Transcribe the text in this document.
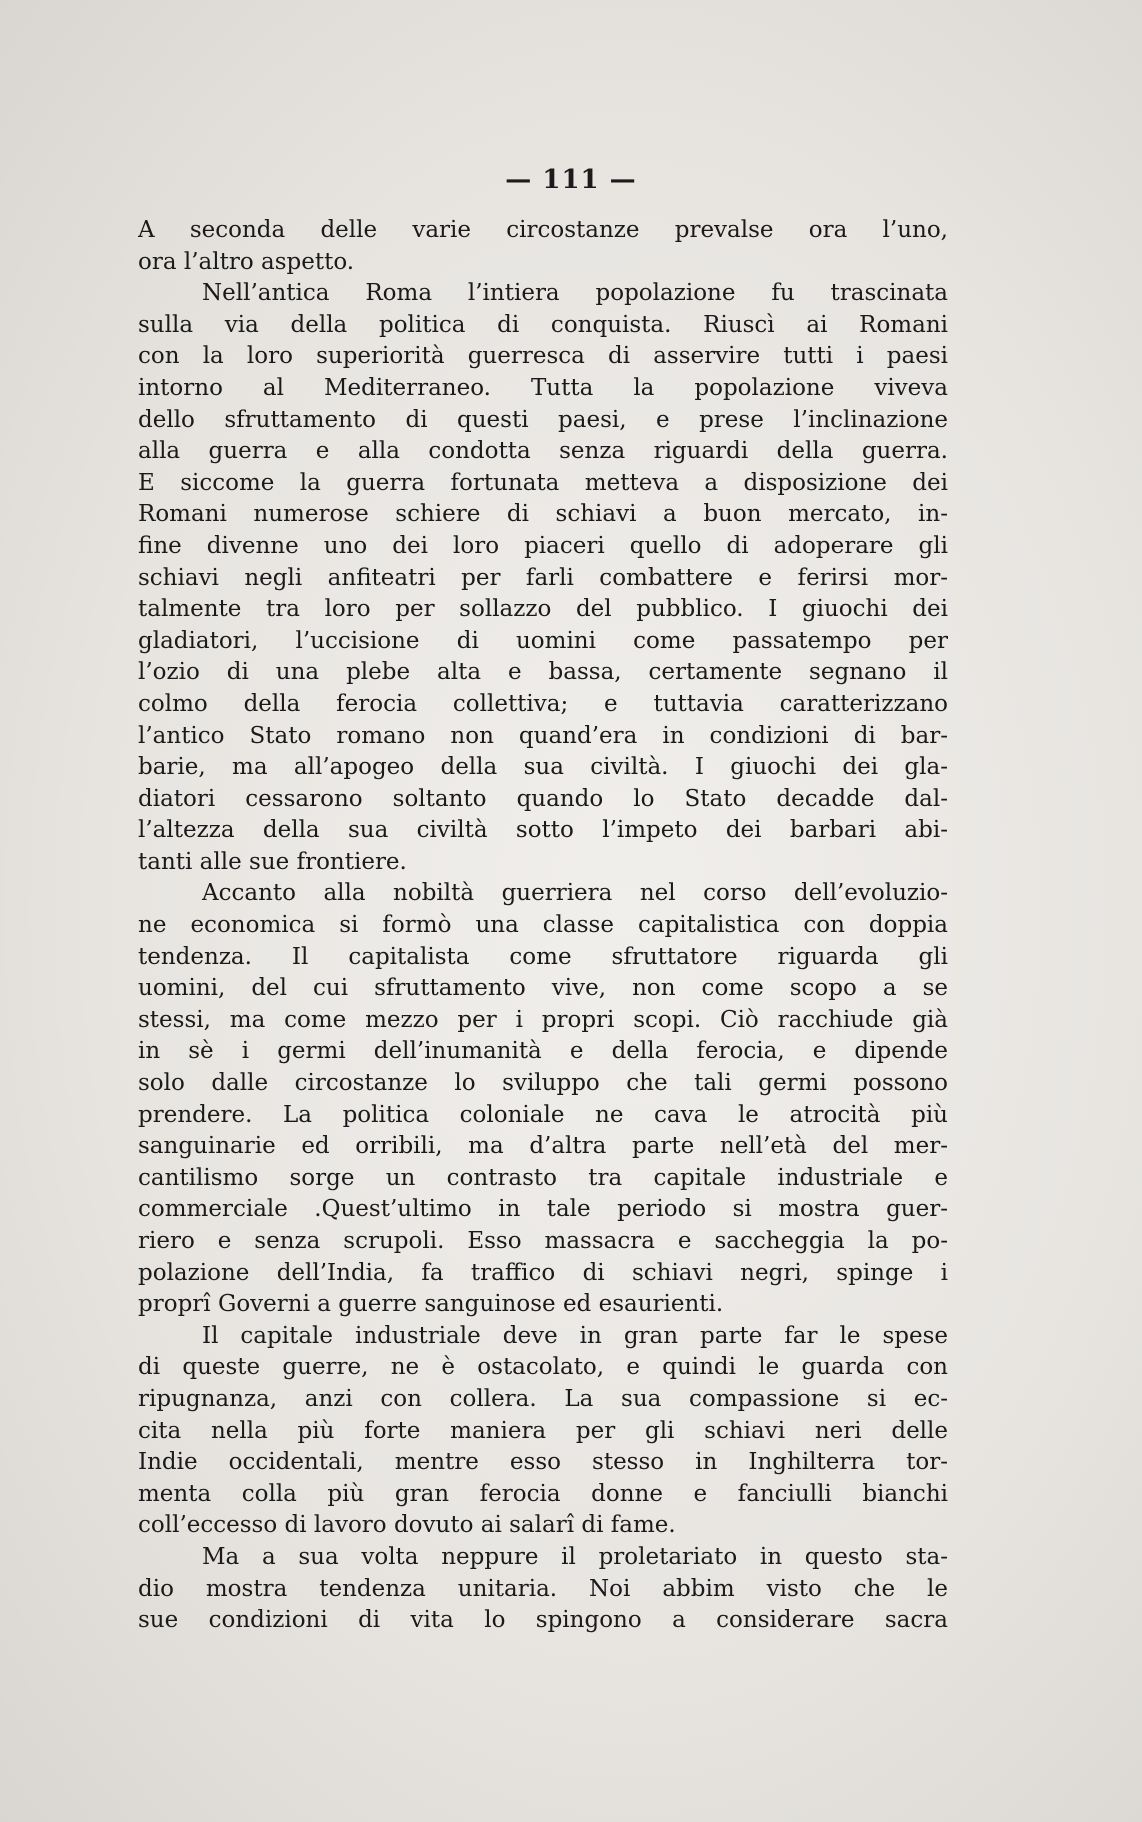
— 111 —
A seconda delle varie circostanze prevalse ora l’uno,
ora l’altro aspetto.
Nell’antica Roma l’intiera popolazione fu trascinata
sulla via della politica di conquista. Riuscì ai Romani
con la loro superiorità guerresca di asservire tutti i paesi
intorno al Mediterraneo. Tutta la popolazione viveva
dello sfruttamento di questi paesi, e prese l’inclinazione
alla guerra e alla condotta senza riguardi della guerra.
E siccome la guerra fortunata metteva a disposizione dei
Romani numerose schiere di schiavi a buon mercato, in-
fine divenne uno dei loro piaceri quello di adoperare gli
schiavi negli anfiteatri per farli combattere e ferirsi mor-
talmente tra loro per sollazzo del pubblico. I giuochi dei
gladiatori, l’uccisione di uomini come passatempo per
l’ozio di una plebe alta e bassa, certamente segnano il
colmo della ferocia collettiva; e tuttavia caratterizzano
l’antico Stato romano non quand’era in condizioni di bar-
barie, ma all’apogeo della sua civiltà. I giuochi dei gla-
diatori cessarono soltanto quando lo Stato decadde dal-
l’altezza della sua civiltà sotto l’impeto dei barbari abi-
tanti alle sue frontiere.
Accanto alla nobiltà guerriera nel corso dell’evoluzio-
ne economica si formò una classe capitalistica con doppia
tendenza. Il capitalista come sfruttatore riguarda gli
uomini, del cui sfruttamento vive, non come scopo a se
stessi, ma come mezzo per i propri scopi. Ciò racchiude già
in sè i germi dell’inumanità e della ferocia, e dipende
solo dalle circostanze lo sviluppo che tali germi possono
prendere. La politica coloniale ne cava le atrocità più
sanguinarie ed orribili, ma d’altra parte nell’età del mer-
cantilismo sorge un contrasto tra capitale industriale e
commerciale .Quest’ultimo in tale periodo si mostra guer-
riero e senza scrupoli. Esso massacra e saccheggia la po-
polazione dell’India, fa traffico di schiavi negri, spinge i
proprî Governi a guerre sanguinose ed esaurienti.
Il capitale industriale deve in gran parte far le spese
di queste guerre, ne è ostacolato, e quindi le guarda con
ripugnanza, anzi con collera. La sua compassione si ec-
cita nella più forte maniera per gli schiavi neri delle
Indie occidentali, mentre esso stesso in Inghilterra tor-
menta colla più gran ferocia donne e fanciulli bianchi
coll’eccesso di lavoro dovuto ai salarî di fame.
Ma a sua volta neppure il proletariato in questo sta-
dio mostra tendenza unitaria. Noi abbim visto che le
sue condizioni di vita lo spingono a considerare sacra
